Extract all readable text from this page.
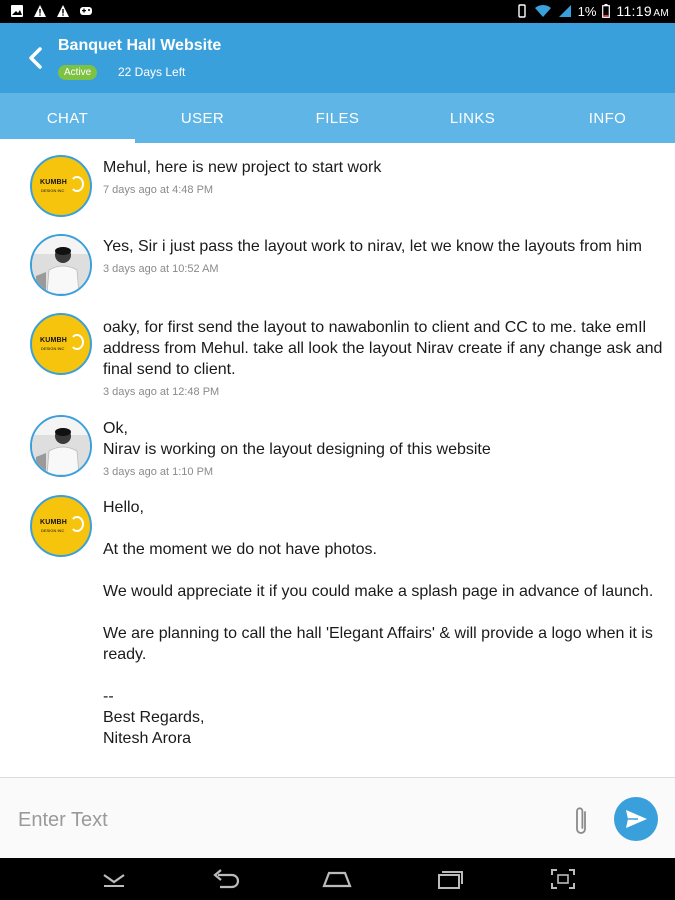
1% 11:19 AM
Banquet Hall Website
Active	22 Days Left
CHAT	USER	FILES	LINKS	INFO
KUMBH
DESIGN INC

Mehul, here is new project to start work

7 days ago at 4:48 PM

Yes, Sir i just pass the layout work to nirav, let we know the layouts from him

3 days ago at 10:52 AM
KUMBH
DESIGN INC

oaky, for first send the layout to nawabonlin to client and CC to me. take emIl address from Mehul. take all look the layout Nirav create if any change ask and final send to client.

3 days ago at 12:48 PM

Ok,

Nirav is working on the layout designing of this website

3 days ago at 1:10 PM
KUMBH
DESIGN INC

Hello,

At the moment we do not have photos.

We would appreciate it if you could make a splash page in advance of launch.

We are planning to call the hall 'Elegant Affairs' & will provide a logo when it is ready.

--

Best Regards,

Nitesh Arora

Enter Text
